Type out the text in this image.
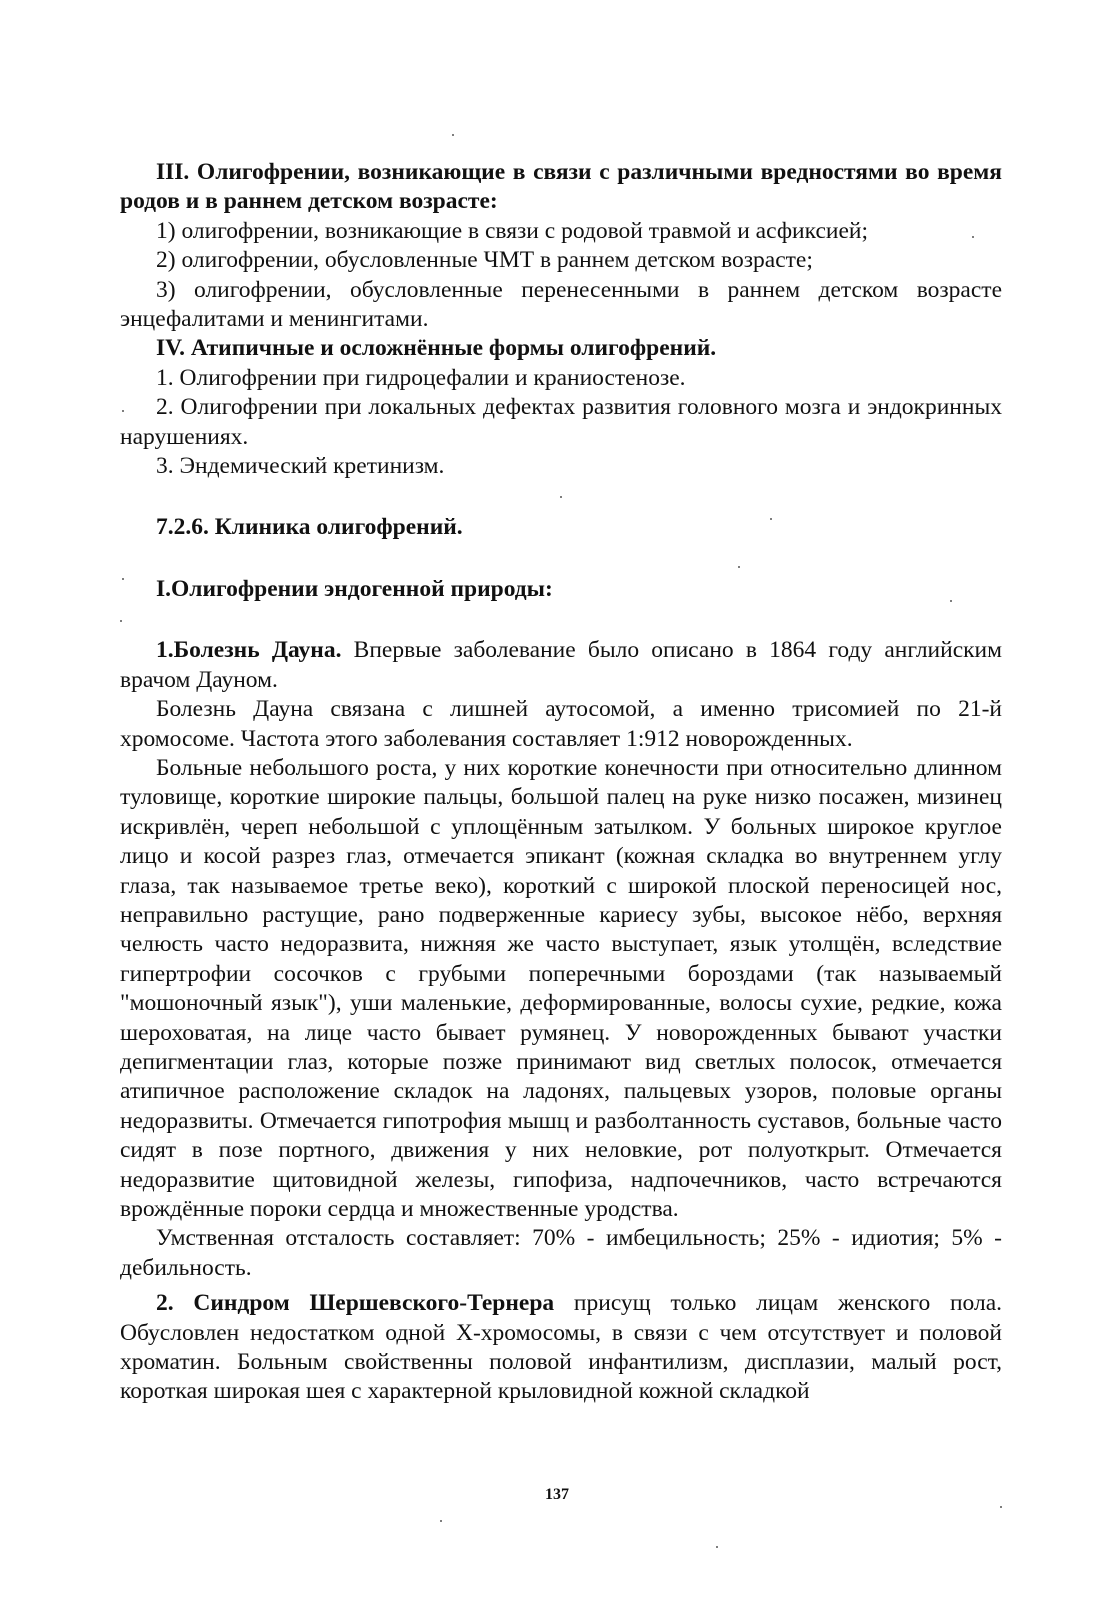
III. Олигофрении, возникающие в связи с различными вредностями во время родов и в раннем детском возрасте:

1) олигофрении, возникающие в связи с родовой травмой и асфиксией;

2) олигофрении, обусловленные ЧМТ в раннем детском возрасте;

3) олигофрении, обусловленные перенесенными в раннем детском возрасте энцефалитами и менингитами.

IV. Атипичные и осложнённые формы олигофрений.

1. Олигофрении при гидроцефалии и краниостенозе.

2. Олигофрении при локальных дефектах развития головного мозга и эндокринных нарушениях.

3. Эндемический кретинизм.

7.2.6. Клиника олигофрений.

I.Олигофрении эндогенной природы:

1.Болезнь Дауна. Впервые заболевание было описано в 1864 году английским врачом Дауном.

Болезнь Дауна связана с лишней аутосомой, а именно трисомией по 21-й хромосоме. Частота этого заболевания составляет 1:912 новорожденных.

Больные небольшого роста, у них короткие конечности при относительно длинном туловище, короткие широкие пальцы, большой палец на руке низко посажен, мизинец искривлён, череп небольшой с уплощённым затылком. У больных широкое круглое лицо и косой разрез глаз, отмечается эпикант (кожная складка во внутреннем углу глаза, так называемое третье веко), короткий с широкой плоской переносицей нос, неправильно растущие, рано подверженные кариесу зубы, высокое нёбо, верхняя челюсть часто недоразвита, нижняя же часто выступает, язык утолщён, вследствие гипертрофии сосочков с грубыми поперечными бороздами (так называемый "мошоночный язык"), уши маленькие, деформированные, волосы сухие, редкие, кожа шероховатая, на лице часто бывает румянец. У новорожденных бывают участки депигментации глаз, которые позже принимают вид светлых полосок, отмечается атипичное расположение складок на ладонях, пальцевых узоров, половые органы недоразвиты. Отмечается гипотрофия мышц и разболтанность суставов, больные часто сидят в позе портного, движения у них неловкие, рот полуоткрыт. Отмечается недоразвитие щитовидной железы, гипофиза, надпочечников, часто встречаются врождённые пороки сердца и множественные уродства.

Умственная отсталость составляет: 70% - имбецильность; 25% - идиотия; 5% - дебильность.

2. Синдром Шершевского-Тернера присущ только лицам женского пола. Обусловлен недостатком одной Х-хромосомы, в связи с чем отсутствует и половой хроматин. Больным свойственны половой инфантилизм, дисплазии, малый рост, короткая широкая шея с характерной крыловидной кожной складкой

137
